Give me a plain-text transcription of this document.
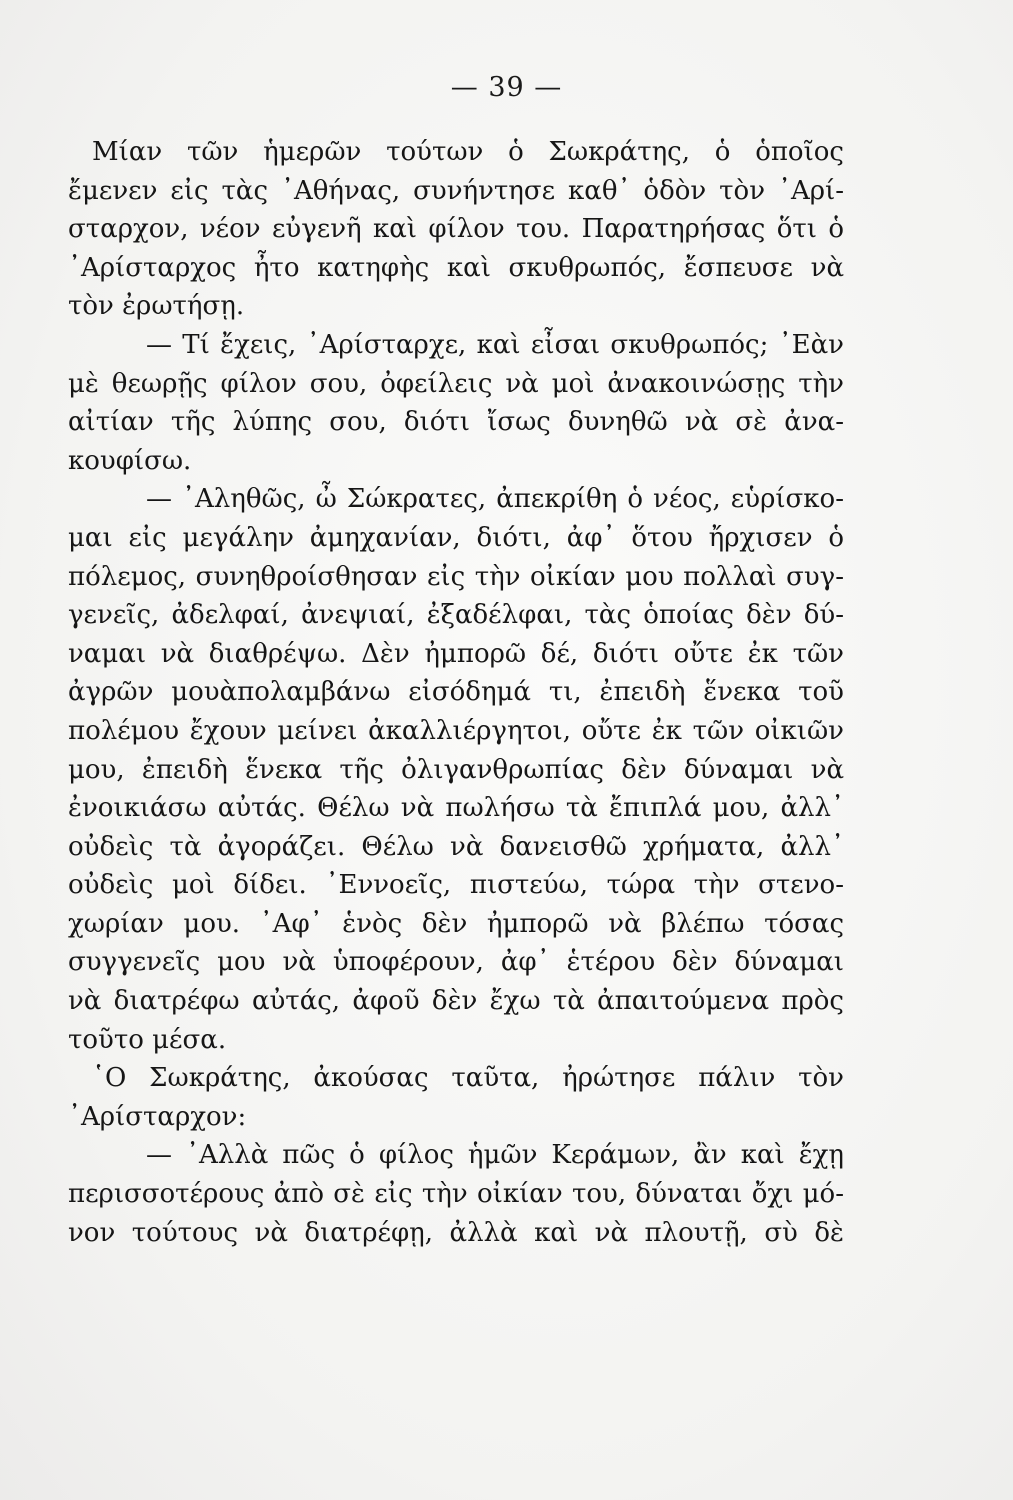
— 39 —
Μίαν τῶν ἡμερῶν τούτων ὁ Σωκράτης, ὁ ὁποῖος
ἔμενεν εἰς τὰς ᾿Αθήνας, συνήντησε καθ᾿ ὁδὸν τὸν ᾿Αρί-
σταρχον, νέον εὐγενῆ καὶ φίλον του. Παρατηρήσας ὅτι ὁ
᾿Αρίσταρχος ἦτο κατηφὴς καὶ σκυθρωπός, ἔσπευσε νὰ
τὸν ἐρωτήσῃ.
— Τί ἔχεις, ᾿Αρίσταρχε, καὶ εἶσαι σκυθρωπός; ᾿Εὰν
μὲ θεωρῇς φίλον σου, ὀφείλεις νὰ μοὶ ἀνακοινώσῃς τὴν
αἰτίαν τῆς λύπης σου, διότι ἴσως δυνηθῶ νὰ σὲ ἀνα-
κουφίσω.
— ᾿Αληθῶς, ὦ Σώκρατες, ἀπεκρίθη ὁ νέος, εὑρίσκο-
μαι εἰς μεγάλην ἀμηχανίαν, διότι, ἀφ᾿ ὅτου ἤρχισεν ὁ
πόλεμος, συνηθροίσθησαν εἰς τὴν οἰκίαν μου πολλαὶ συγ-
γενεῖς, ἀδελφαί, ἀνεψιαί, ἐξαδέλφαι, τὰς ὁποίας δὲν δύ-
ναμαι νὰ διαθρέψω. Δὲν ἠμπορῶ δέ, διότι οὔτε ἐκ τῶν
ἀγρῶν μουὰπολαμβάνω εἰσόδημά τι, ἐπειδὴ ἕνεκα τοῦ
πολέμου ἔχουν μείνει ἀκαλλιέργητοι, οὔτε ἐκ τῶν οἰκιῶν
μου, ἐπειδὴ ἕνεκα τῆς ὀλιγανθρωπίας δὲν δύναμαι νὰ
ἐνοικιάσω αὐτάς. Θέλω νὰ πωλήσω τὰ ἔπιπλά μου, ἀλλ᾿
οὐδεὶς τὰ ἀγοράζει. Θέλω νὰ δανεισθῶ χρήματα, ἀλλ᾿
οὐδεὶς μοὶ δίδει. ᾿Εννοεῖς, πιστεύω, τώρα τὴν στενο-
χωρίαν μου. ᾿Αφ᾿ ἑνὸς δὲν ἠμπορῶ νὰ βλέπω τόσας
συγγενεῖς μου νὰ ὑποφέρουν, ἀφ᾿ ἑτέρου δὲν δύναμαι
νὰ διατρέφω αὐτάς, ἀφοῦ δὲν ἔχω τὰ ἀπαιτούμενα πρὸς
τοῦτο μέσα.
῾Ο Σωκράτης, ἀκούσας ταῦτα, ἠρώτησε πάλιν τὸν
᾿Αρίσταρχον:
— ᾿Αλλὰ πῶς ὁ φίλος ἡμῶν Κεράμων, ἂν καὶ ἔχῃ
περισσοτέρους ἀπὸ σὲ εἰς τὴν οἰκίαν του, δύναται ὄχι μό-
νον τούτους νὰ διατρέφῃ, ἀλλὰ καὶ νὰ πλουτῇ, σὺ δὲ
